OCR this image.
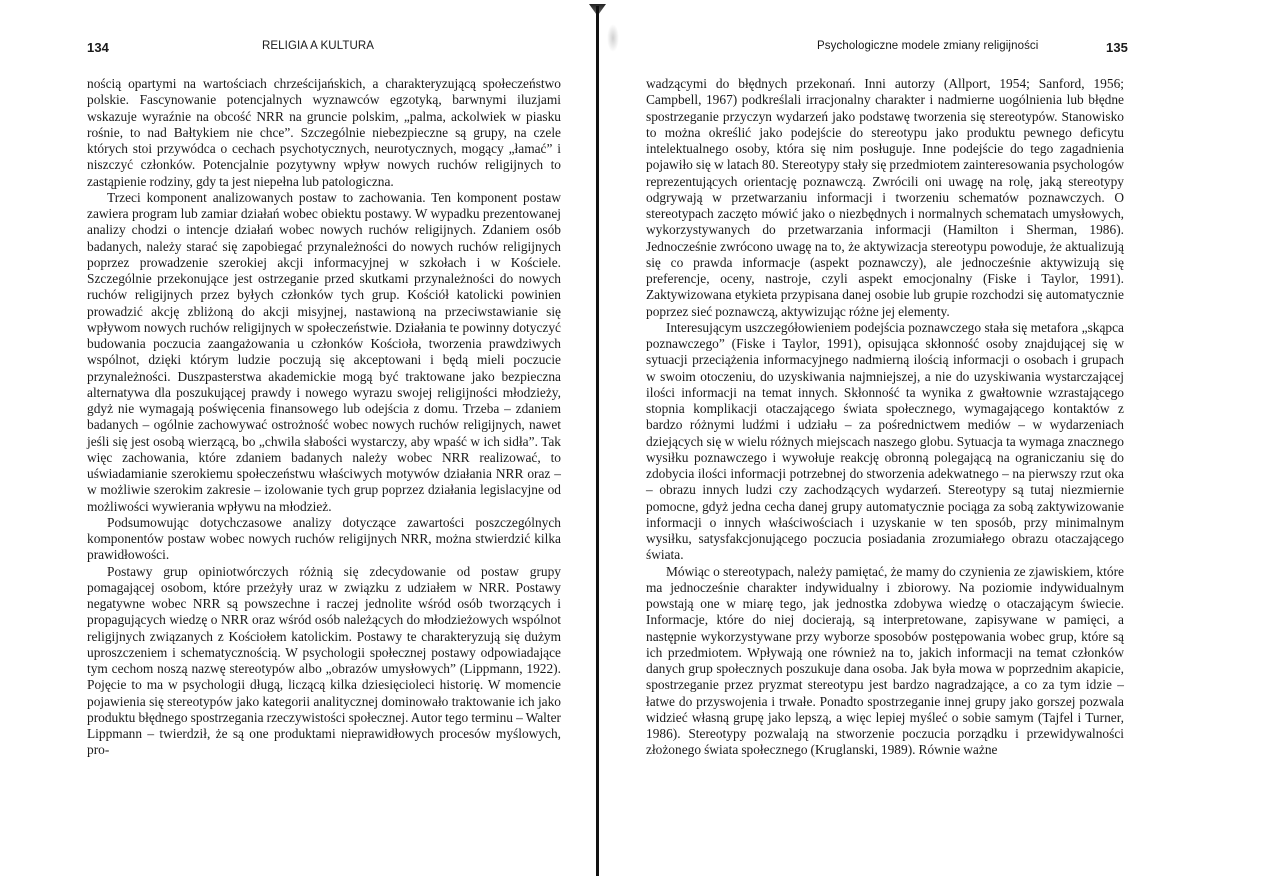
134	RELIGIA A KULTURA

nością opartymi na wartościach chrześcijańskich, a charakteryzującą społeczeństwo polskie. Fascynowanie potencjalnych wyznawców egzotyką, barwnymi iluzjami wskazuje wyraźnie na obcość NRR na gruncie polskim, „palma, ackolwiek w piasku rośnie, to nad Bałtykiem nie chce”. Szczególnie niebezpieczne są grupy, na czele których stoi przywódca o cechach psychotycznych, neurotycznych, mogący „łamać” i niszczyć członków. Potencjalnie pozytywny wpływ nowych ruchów religijnych to zastąpienie rodziny, gdy ta jest niepełna lub patologiczna.

Trzeci komponent analizowanych postaw to zachowania. Ten komponent postaw zawiera program lub zamiar działań wobec obiektu postawy. W wypadku prezentowanej analizy chodzi o intencje działań wobec nowych ruchów religijnych. Zdaniem osób badanych, należy starać się zapobiegać przynależności do nowych ruchów religijnych poprzez prowadzenie szerokiej akcji informacyjnej w szkołach i w Kościele. Szczególnie przekonujące jest ostrzeganie przed skutkami przynależności do nowych ruchów religijnych przez byłych członków tych grup. Kościół katolicki powinien prowadzić akcję zbliżoną do akcji misyjnej, nastawioną na przeciwstawianie się wpływom nowych ruchów religijnych w społeczeństwie. Działania te powinny dotyczyć budowania poczucia zaangażowania u członków Kościoła, tworzenia prawdziwych wspólnot, dzięki którym ludzie poczują się akceptowani i będą mieli poczucie przynależności. Duszpasterstwa akademickie mogą być traktowane jako bezpieczna alternatywa dla poszukującej prawdy i nowego wyrazu swojej religijności młodzieży, gdyż nie wymagają poświęcenia finansowego lub odejścia z domu. Trzeba – zdaniem badanych – ogólnie zachowywać ostrożność wobec nowych ruchów religijnych, nawet jeśli się jest osobą wierzącą, bo „chwila słabości wystarczy, aby wpaść w ich sidła”. Tak więc zachowania, które zdaniem badanych należy wobec NRR realizować, to uświadamianie szerokiemu społeczeństwu właściwych motywów działania NRR oraz – w możliwie szerokim zakresie – izolowanie tych grup poprzez działania legislacyjne od możliwości wywierania wpływu na młodzież.

Podsumowując dotychczasowe analizy dotyczące zawartości poszczególnych komponentów postaw wobec nowych ruchów religijnych NRR, można stwierdzić kilka prawidłowości.

Postawy grup opiniotwórczych różnią się zdecydowanie od postaw grupy pomagającej osobom, które przeżyły uraz w związku z udziałem w NRR. Postawy negatywne wobec NRR są powszechne i raczej jednolite wśród osób tworzących i propagujących wiedzę o NRR oraz wśród osób należących do młodzieżowych wspólnot religijnych związanych z Kościołem katolickim. Postawy te charakteryzują się dużym uproszczeniem i schematycznością. W psychologii społecznej postawy odpowiadające tym cechom noszą nazwę stereotypów albo „obrazów umysłowych” (Lippmann, 1922). Pojęcie to ma w psychologii długą, liczącą kilka dziesięcioleci historię. W momencie pojawienia się stereotypów jako kategorii analitycznej dominowało traktowanie ich jako produktu błędnego spostrzegania rzeczywistości społecznej. Autor tego terminu – Walter Lippmann – twierdził, że są one produktami nieprawidłowych procesów myślowych, pro-

Psychologiczne modele zmiany religijności	135

wadzącymi do błędnych przekonań. Inni autorzy (Allport, 1954; Sanford, 1956; Campbell, 1967) podkreślali irracjonalny charakter i nadmierne uogólnienia lub błędne spostrzeganie przyczyn wydarzeń jako podstawę tworzenia się stereotypów. Stanowisko to można określić jako podejście do stereotypu jako produktu pewnego deficytu intelektualnego osoby, która się nim posługuje. Inne podejście do tego zagadnienia pojawiło się w latach 80. Stereotypy stały się przedmiotem zainteresowania psychologów reprezentujących orientację poznawczą. Zwrócili oni uwagę na rolę, jaką stereotypy odgrywają w przetwarzaniu informacji i tworzeniu schematów poznawczych. O stereotypach zaczęto mówić jako o niezbędnych i normalnych schematach umysłowych, wykorzystywanych do przetwarzania informacji (Hamilton i Sherman, 1986). Jednocześnie zwrócono uwagę na to, że aktywizacja stereotypu powoduje, że aktualizują się co prawda informacje (aspekt poznawczy), ale jednocześnie aktywizują się preferencje, oceny, nastroje, czyli aspekt emocjonalny (Fiske i Taylor, 1991). Zaktywizowana etykieta przypisana danej osobie lub grupie rozchodzi się automatycznie poprzez sieć poznawczą, aktywizując różne jej elementy.

Interesującym uszczegółowieniem podejścia poznawczego stała się metafora „skąpca poznawczego” (Fiske i Taylor, 1991), opisująca skłonność osoby znajdującej się w sytuacji przeciążenia informacyjnego nadmierną ilością informacji o osobach i grupach w swoim otoczeniu, do uzyskiwania najmniejszej, a nie do uzyskiwania wystarczającej ilości informacji na temat innych. Skłonność ta wynika z gwałtownie wzrastającego stopnia komplikacji otaczającego świata społecznego, wymagającego kontaktów z bardzo różnymi ludźmi i udziału – za pośrednictwem mediów – w wydarzeniach dziejących się w wielu różnych miejscach naszego globu. Sytuacja ta wymaga znacznego wysiłku poznawczego i wywołuje reakcję obronną polegającą na ograniczaniu się do zdobycia ilości informacji potrzebnej do stworzenia adekwatnego – na pierwszy rzut oka – obrazu innych ludzi czy zachodzących wydarzeń. Stereotypy są tutaj niezmiernie pomocne, gdyż jedna cecha danej grupy automatycznie pociąga za sobą zaktywizowanie informacji o innych właściwościach i uzyskanie w ten sposób, przy minimalnym wysiłku, satysfakcjonującego poczucia posiadania zrozumiałego obrazu otaczającego świata.

Mówiąc o stereotypach, należy pamiętać, że mamy do czynienia ze zjawiskiem, które ma jednocześnie charakter indywidualny i zbiorowy. Na poziomie indywidualnym powstają one w miarę tego, jak jednostka zdobywa wiedzę o otaczającym świecie. Informacje, które do niej docierają, są interpretowane, zapisywane w pamięci, a następnie wykorzystywane przy wyborze sposobów postępowania wobec grup, które są ich przedmiotem. Wpływają one również na to, jakich informacji na temat członków danych grup społecznych poszukuje dana osoba. Jak była mowa w poprzednim akapicie, spostrzeganie przez pryzmat stereotypu jest bardzo nagradzające, a co za tym idzie – łatwe do przyswojenia i trwałe. Ponadto spostrzeganie innej grupy jako gorszej pozwala widzieć własną grupę jako lepszą, a więc lepiej myśleć o sobie samym (Tajfel i Turner, 1986). Stereotypy pozwalają na stworzenie poczucia porządku i przewidywalności złożonego świata społecznego (Kruglanski, 1989). Równie ważne
